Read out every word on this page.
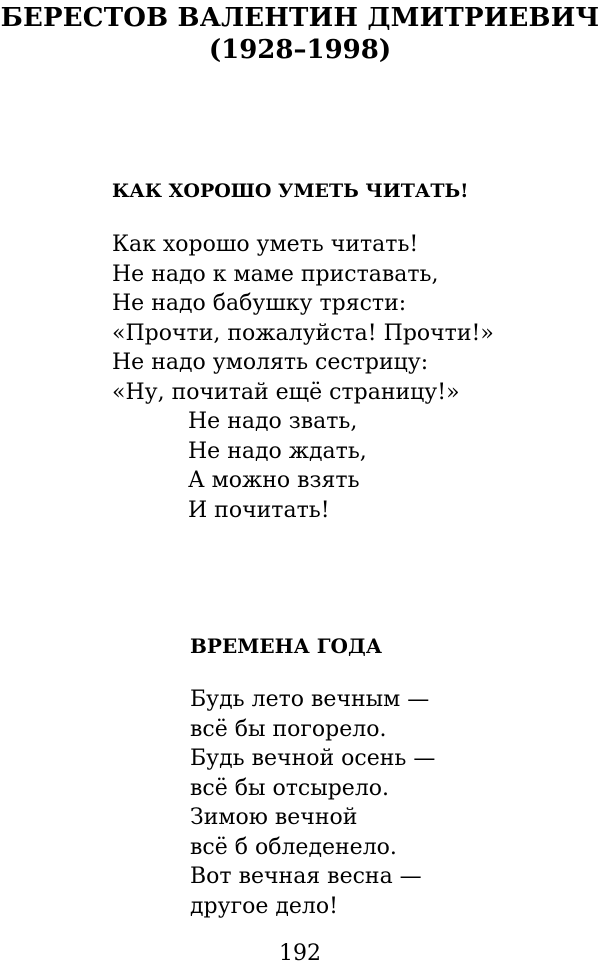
БЕРЕСТОВ ВАЛЕНТИН ДМИТРИЕВИЧ
(1928–1998)
КАК ХОРОШО УМЕТЬ ЧИТАТЬ!
Как хорошо уметь читать!
Не надо к маме приставать,
Не надо бабушку трясти:
«Прочти, пожалуйста! Прочти!»
Не надо умолять сестрицу:
«Ну, почитай ещё страницу!»
Не надо звать,
Не надо ждать,
А можно взять
И почитать!
ВРЕМЕНА ГОДА
Будь лето вечным —
всё бы погорело.
Будь вечной осень —
всё бы отсырело.
Зимою вечной
всё б обледенело.
Вот вечная весна —
другое дело!

192
